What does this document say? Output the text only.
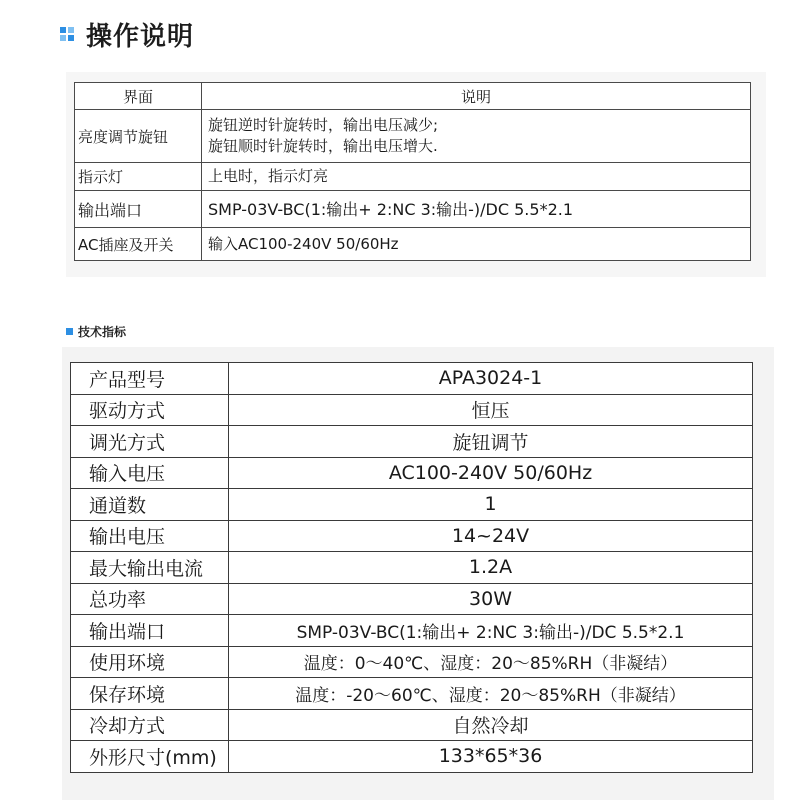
操作说明
界面	说明
亮度调节旋钮	旋钮逆时针旋转时，输出电压减少;
旋钮顺时针旋转时，输出电压增大.

指示灯	上电时，指示灯亮
输出端口	SMP-03V-BC(1:输出+ 2:NC 3:输出-)/DC 5.5*2.1
AC插座及开关	输入AC100-240V 50/60Hz
技术指标
产品型号	APA3024-1
驱动方式	恒压
调光方式	旋钮调节
输入电压	AC100-240V 50/60Hz
通道数	1
输出电压	14~24V
最大输出电流	1.2A
总功率	30W
输出端口	SMP-03V-BC(1:输出+ 2:NC 3:输出-)/DC 5.5*2.1
使用环境	温度：0～40℃、湿度：20～85%RH（非凝结）
保存环境	温度：-20～60℃、湿度：20～85%RH（非凝结）
冷却方式	自然冷却
外形尺寸(mm)	133*65*36
